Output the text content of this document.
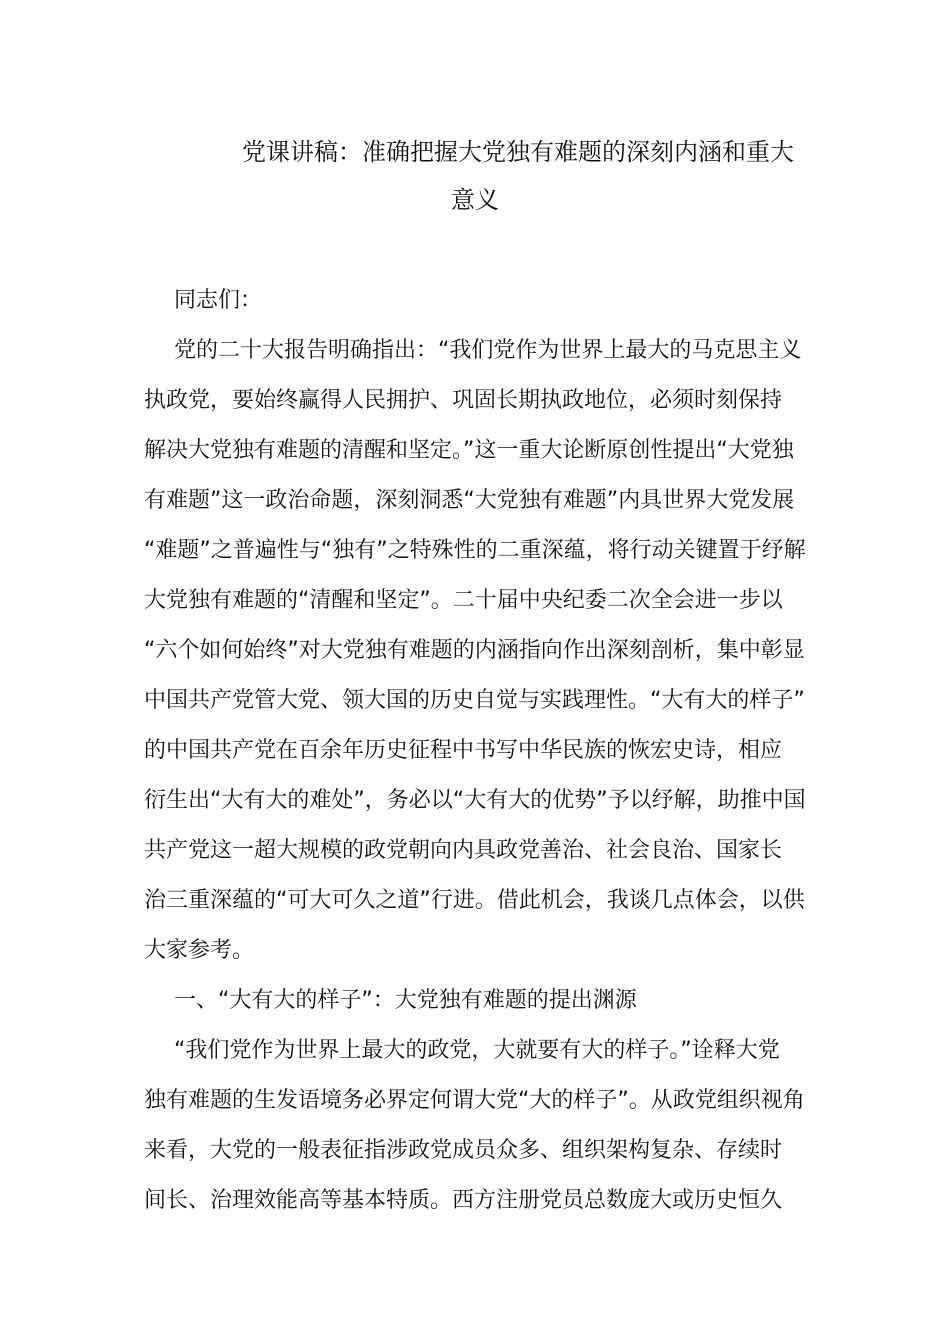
党课讲稿：准确把握大党独有难题的深刻内涵和重大
意义
同志们：
党的二十大报告明确指出：“我们党作为世界上最大的马克思主义
执政党，要始终赢得人民拥护、巩固长期执政地位，必须时刻保持
解决大党独有难题的清醒和坚定。”这一重大论断原创性提出“大党独
有难题”这一政治命题，深刻洞悉“大党独有难题”内具世界大党发展
“难题”之普遍性与“独有”之特殊性的二重深蕴，将行动关键置于纾解
大党独有难题的“清醒和坚定”。二十届中央纪委二次全会进一步以
“六个如何始终”对大党独有难题的内涵指向作出深刻剖析，集中彰显
中国共产党管大党、领大国的历史自觉与实践理性。“大有大的样子”
的中国共产党在百余年历史征程中书写中华民族的恢宏史诗，相应
衍生出“大有大的难处”，务必以“大有大的优势”予以纾解，助推中国
共产党这一超大规模的政党朝向内具政党善治、社会良治、国家长
治三重深蕴的“可大可久之道”行进。借此机会，我谈几点体会，以供
大家参考。
一、“大有大的样子”：大党独有难题的提出渊源
“我们党作为世界上最大的政党，大就要有大的样子。”诠释大党
独有难题的生发语境务必界定何谓大党“大的样子”。从政党组织视角
来看，大党的一般表征指涉政党成员众多、组织架构复杂、存续时
间长、治理效能高等基本特质。西方注册党员总数庞大或历史恒久
